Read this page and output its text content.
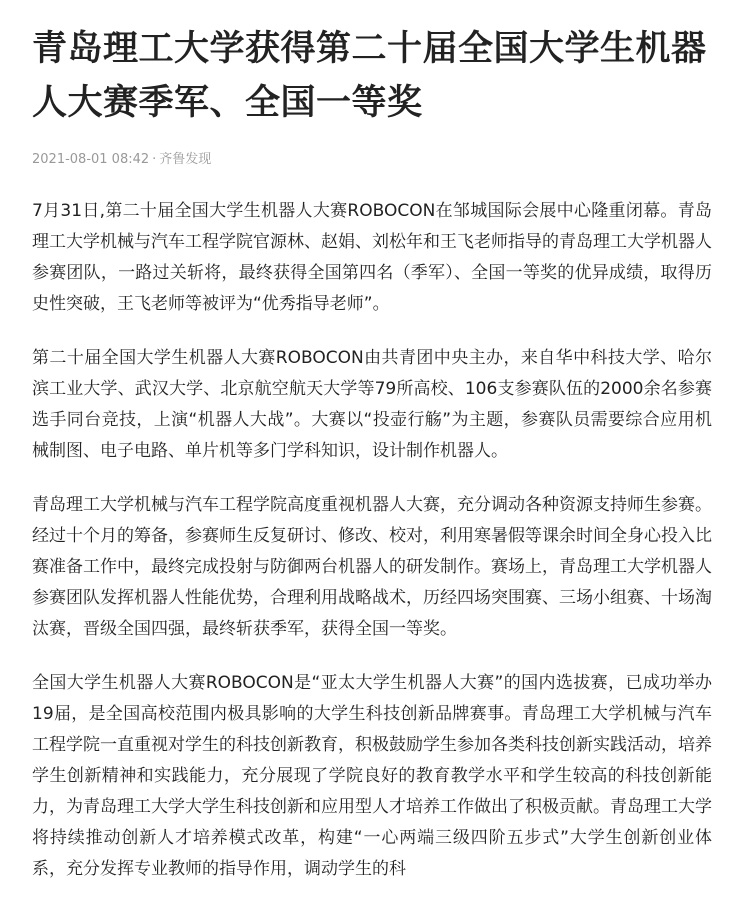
青岛理工大学获得第二十届全国大学生机器人大赛季军、全国一等奖
2021-08-01 08:42 · 齐鲁发现

7月31日,第二十届全国大学生机器人大赛ROBOCON在邹城国际会展中心隆重闭幕。青岛理工大学机械与汽车工程学院官源林、赵娟、刘松年和王飞老师指导的青岛理工大学机器人参赛团队，一路过关斩将，最终获得全国第四名（季军）、全国一等奖的优异成绩，取得历史性突破，王飞老师等被评为“优秀指导老师”。

第二十届全国大学生机器人大赛ROBOCON由共青团中央主办，来自华中科技大学、哈尔滨工业大学、武汉大学、北京航空航天大学等79所高校、106支参赛队伍的2000余名参赛选手同台竞技，上演“机器人大战”。大赛以“投壶行觞”为主题，参赛队员需要综合应用机械制图、电子电路、单片机等多门学科知识，设计制作机器人。

青岛理工大学机械与汽车工程学院高度重视机器人大赛，充分调动各种资源支持师生参赛。经过十个月的筹备，参赛师生反复研讨、修改、校对，利用寒暑假等课余时间全身心投入比赛准备工作中，最终完成投射与防御两台机器人的研发制作。赛场上，青岛理工大学机器人参赛团队发挥机器人性能优势，合理利用战略战术，历经四场突围赛、三场小组赛、十场淘汰赛，晋级全国四强，最终斩获季军，获得全国一等奖。

全国大学生机器人大赛ROBOCON是“亚太大学生机器人大赛”的国内选拔赛，已成功举办19届，是全国高校范围内极具影响的大学生科技创新品牌赛事。青岛理工大学机械与汽车工程学院一直重视对学生的科技创新教育，积极鼓励学生参加各类科技创新实践活动，培养学生创新精神和实践能力，充分展现了学院良好的教育教学水平和学生较高的科技创新能力，为青岛理工大学大学生科技创新和应用型人才培养工作做出了积极贡献。青岛理工大学将持续推动创新人才培养模式改革，构建“一心两端三级四阶五步式”大学生创新创业体系，充分发挥专业教师的指导作用，调动学生的科
